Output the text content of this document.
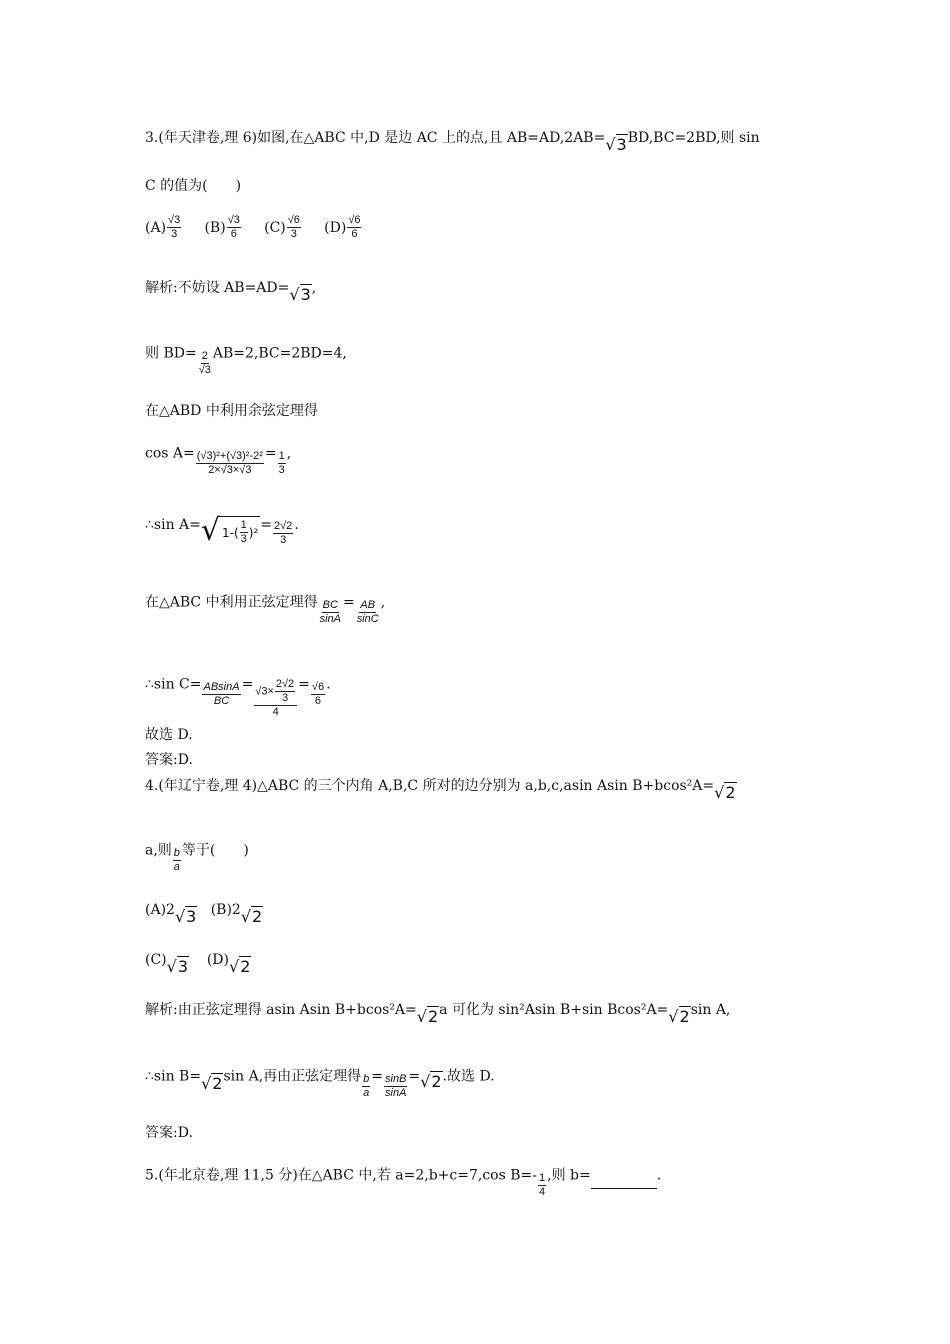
3.(年天津卷,理 6)如图,在△ABC 中,D 是边 AC 上的点,且 AB=AD,2AB=√3BD,BC=2BD,则 sin
C 的值为(　　)
$(A) \frac{√3}{3} (B) \frac{√3}{6} (C) \frac{√6}{3} (D) \frac{√6}{6}$
解析:不妨设 AB=AD=√3,
则 $BD= \frac{2}{√3} AB=2,BC=2BD=4$,
在△ABD 中利用余弦定理得
$\cos A= \frac{\text{(√3)²+(√3)²-2²}}{2\times√3\times√3} = \frac{1}{3}$ ,
∴sin A= √ 1-(
1
3 )$^2 = \frac{2√2}{3}$ .
在△ABC 中利用正弦定理得 $\frac{BC}{\sin A} = \frac{AB}{\sin C}$ ,
∴sin $C= \frac{ABsinA}{BC} = \frac{√3\times \frac{2√2}{3}}{4} = \frac{√6}{6}$ .
故选 D.
答案:D.
4.(年辽宁卷,理 4)△ABC 的三个内角 A,B,C 所对的边分别为 a,b,c,asin Asin B+bcos²A=√2
a,则 $\frac{b}{a}$ 等于(　　)
(A)2√3 (B)2√2
(C)√3 (D)√2
解析:由正弦定理得 asin Asin B+bcos²A=√2a 可化为 sin²Asin B+sin Bcos²A=√2sin A,
∴sin B=√2sin A,再由正弦定理得 $\frac{b}{a} = \frac{\sin B}{\sin A} =√2$.故选 D.
答案:D.
5.(年北京卷,理 11,5 分)在△ABC 中,若 a=2,b+c=7,cos $B=- \frac{1}{4}$ ,则 b=	.
